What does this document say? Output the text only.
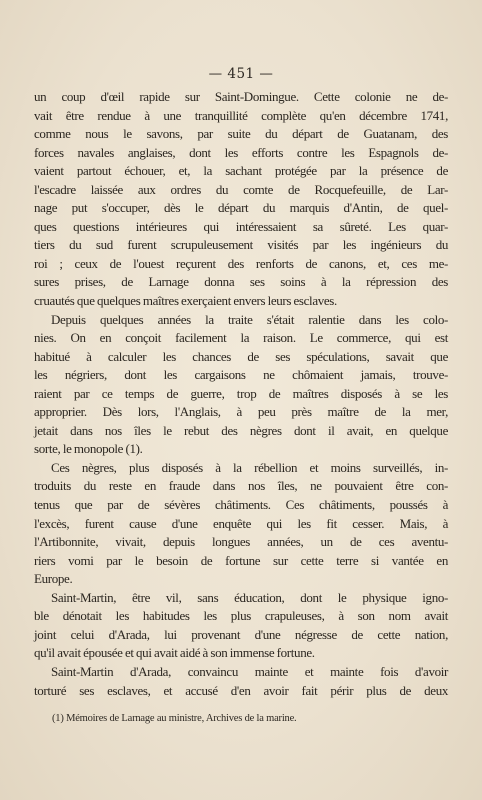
— 451 —
un coup d'œil rapide sur Saint-Domingue. Cette colonie ne de-
vait être rendue à une tranquillité complète qu'en décembre 1741,
comme nous le savons, par suite du départ de Guatanam, des
forces navales anglaises, dont les efforts contre les Espagnols de-
vaient partout échouer, et, la sachant protégée par la présence de
l'escadre laissée aux ordres du comte de Rocquefeuille, de Lar-
nage put s'occuper, dès le départ du marquis d'Antin, de quel-
ques questions intérieures qui intéressaient sa sûreté. Les quar-
tiers du sud furent scrupuleusement visités par les ingénieurs du
roi ; ceux de l'ouest reçurent des renforts de canons, et, ces me-
sures prises, de Larnage donna ses soins à la répression des
cruautés que quelques maîtres exerçaient envers leurs esclaves.
Depuis quelques années la traite s'était ralentie dans les colo-
nies. On en conçoit facilement la raison. Le commerce, qui est
habitué à calculer les chances de ses spéculations, savait que
les négriers, dont les cargaisons ne chômaient jamais, trouve-
raient par ce temps de guerre, trop de maîtres disposés à se les
approprier. Dès lors, l'Anglais, à peu près maître de la mer,
jetait dans nos îles le rebut des nègres dont il avait, en quelque
sorte, le monopole (1).
Ces nègres, plus disposés à la rébellion et moins surveillés, in-
troduits du reste en fraude dans nos îles, ne pouvaient être con-
tenus que par de sévères châtiments. Ces châtiments, poussés à
l'excès, furent cause d'une enquête qui les fit cesser. Mais, à
l'Artibonnite, vivait, depuis longues années, un de ces aventu-
riers vomi par le besoin de fortune sur cette terre si vantée en
Europe.
Saint-Martin, être vil, sans éducation, dont le physique igno-
ble dénotait les habitudes les plus crapuleuses, à son nom avait
joint celui d'Arada, lui provenant d'une négresse de cette nation,
qu'il avait épousée et qui avait aidé à son immense fortune.
Saint-Martin d'Arada, convaincu mainte et mainte fois d'avoir
torturé ses esclaves, et accusé d'en avoir fait périr plus de deux
(1) Mémoires de Larnage au ministre, Archives de la marine.
